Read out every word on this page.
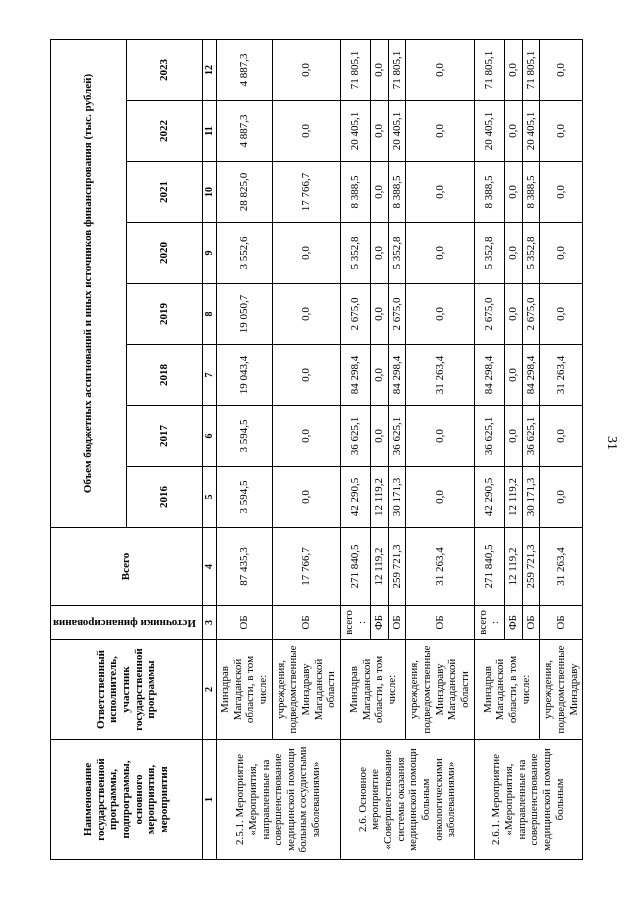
31
Наименование государственной программы, подпрограммы, основного мероприятия, мероприятия	Ответственный исполнитель, участник государственной программы	Источники финансирования	Всего	Объем бюджетных ассигнований и иных источников финансирования (тыс. рублей)							
				2016	2017	2018	2019	2020	2021	2022	2023
1	2	3	4	5	6	7	8	9	10	11	12
2.5.1. Мероприятие «Мероприятия, направленные на совершенствование медицинской помощи больным сосудистыми заболеваниями»	Минздрав Магаданской области, в том числе:	ОБ	87 435,3	3 594,5	3 594,5	19 043,4	19 050,7	3 552,6	28 825,0	4 887,3	4 887,3
	учреждения, подведомственные Минздраву Магаданской области	ОБ	17 766,7	0,0	0,0	0,0	0,0	0,0	17 766,7	0,0	0,0
2.6. Основное мероприятие «Совершенствование системы оказания медицинской помощи больным онкологическими заболеваниями»	Минздрав Магаданской области, в том числе:	всего:	271 840,5	42 290,5	36 625,1	84 298,4	2 675,0	5 352,8	8 388,5	20 405,1	71 805,1
		ФБ	12 119,2	12 119,2	0,0	0,0	0,0	0,0	0,0	0,0	0,0
		ОБ	259 721,3	30 171,3	36 625,1	84 298,4	2 675,0	5 352,8	8 388,5	20 405,1	71 805,1
	учреждения, подведомственные Минздраву Магаданской области	ОБ	31 263,4	0,0	0,0	31 263,4	0,0	0,0	0,0	0,0	0,0
2.6.1. Мероприятие «Мероприятия, направленные на совершенствование медицинской помощи больным	Минздрав Магаданской области, в том числе:	всего:	271 840,5	42 290,5	36 625,1	84 298,4	2 675,0	5 352,8	8 388,5	20 405,1	71 805,1
		ФБ	12 119,2	12 119,2	0,0	0,0	0,0	0,0	0,0	0,0	0,0
		ОБ	259 721,3	30 171,3	36 625,1	84 298,4	2 675,0	5 352,8	8 388,5	20 405,1	71 805,1
	учреждения, подведомственные Минздраву	ОБ	31 263,4	0,0	0,0	31 263,4	0,0	0,0	0,0	0,0	0,0
